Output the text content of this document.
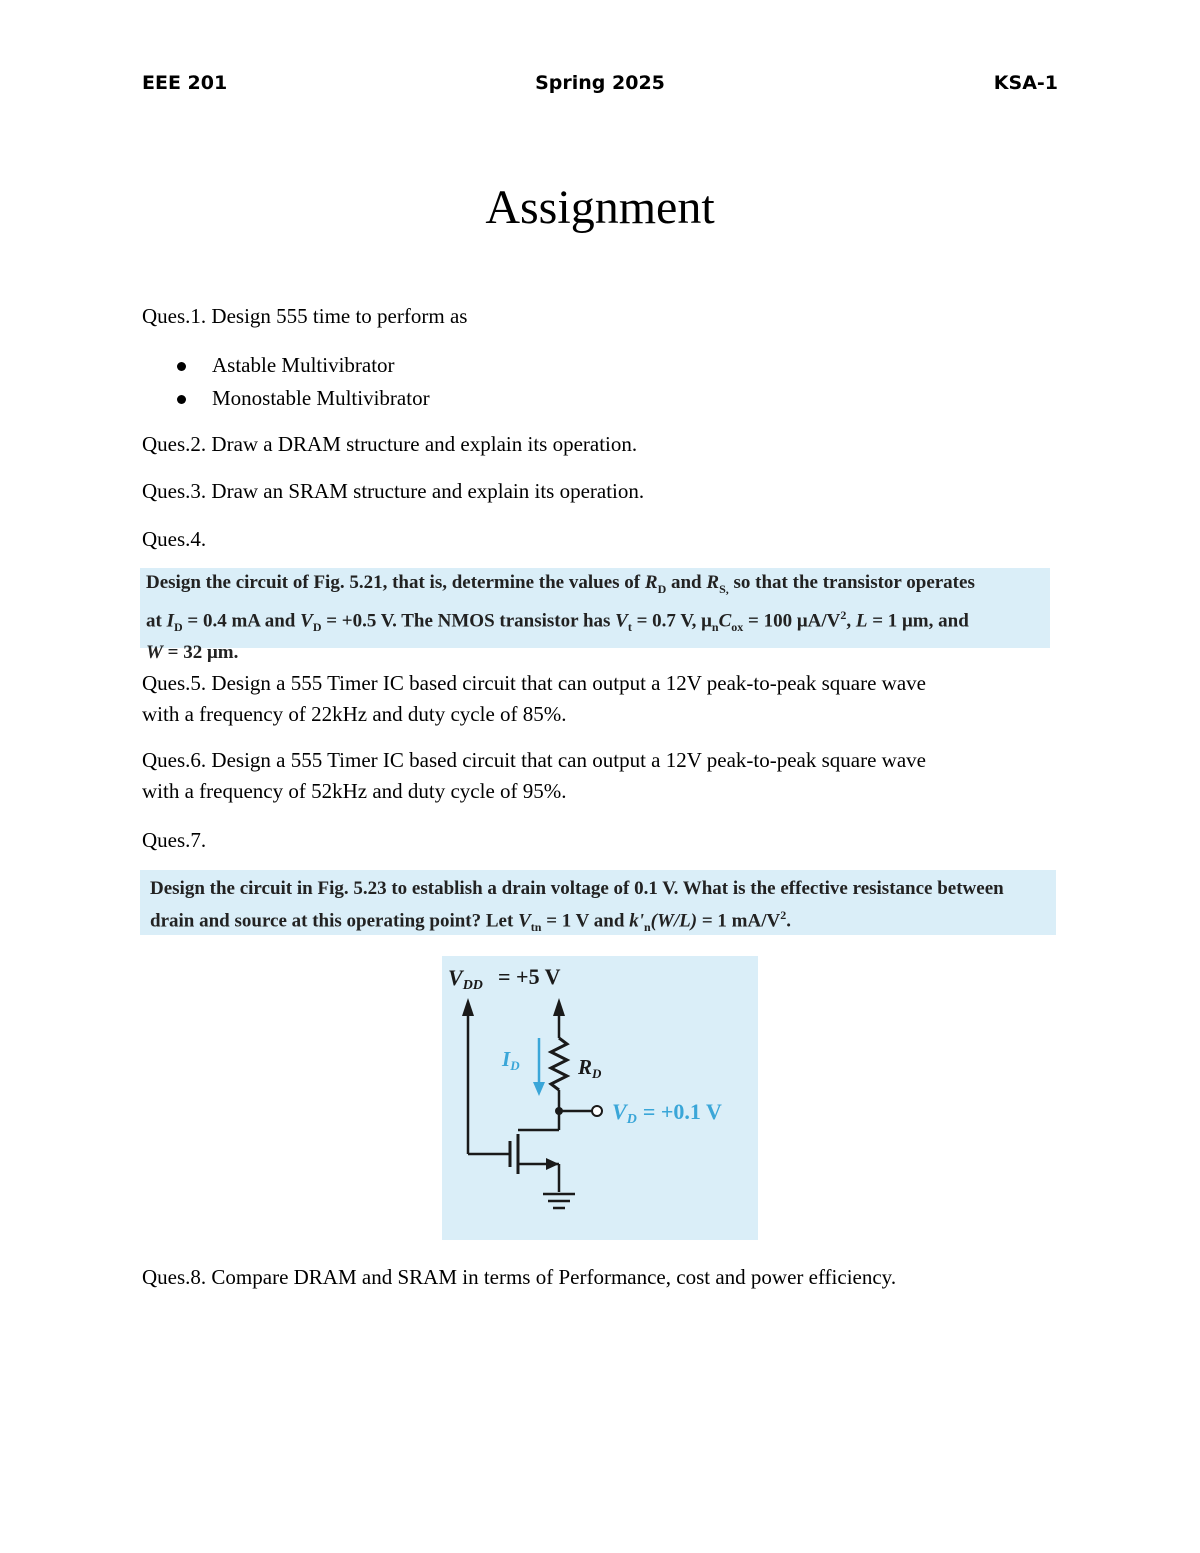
EEE 201	Spring 2025	KSA-1
Assignment
Ques.1. Design 555 time to perform as
Astable Multivibrator
Monostable Multivibrator
Ques.2. Draw a DRAM structure and explain its operation.
Ques.3. Draw an SRAM structure and explain its operation.
Ques.4.
Design the circuit of Fig. 5.21, that is, determine the values of $R_D$ and $R_{S,}$ so that the transistor operates
at $I_D = 0.4$ mA and $V_D = +0.5$ V. The NMOS transistor has $V_t = 0.7$ V, $\mu_nC_{ox} = 100$ $\mu A/V^2$, L = 1 μm, and
W = 32 μm.
Ques.5. Design a 555 Timer IC based circuit that can output a 12V peak-to-peak square wave
with a frequency of 22kHz and duty cycle of 85%.
Ques.6. Design a 555 Timer IC based circuit that can output a 12V peak-to-peak square wave
with a frequency of 52kHz and duty cycle of 95%.
Ques.7.
Design the circuit in Fig. 5.23 to establish a drain voltage of 0.1 V. What is the effective resistance between
drain and source at this operating point? Let $V_{tn} = 1$ V and $k'_n(W/L) = 1$ $mA/V^2$.
VDD = +5 V
VD = +0.1 V
ID	RD
Ques.8. Compare DRAM and SRAM in terms of Performance, cost and power efficiency.
